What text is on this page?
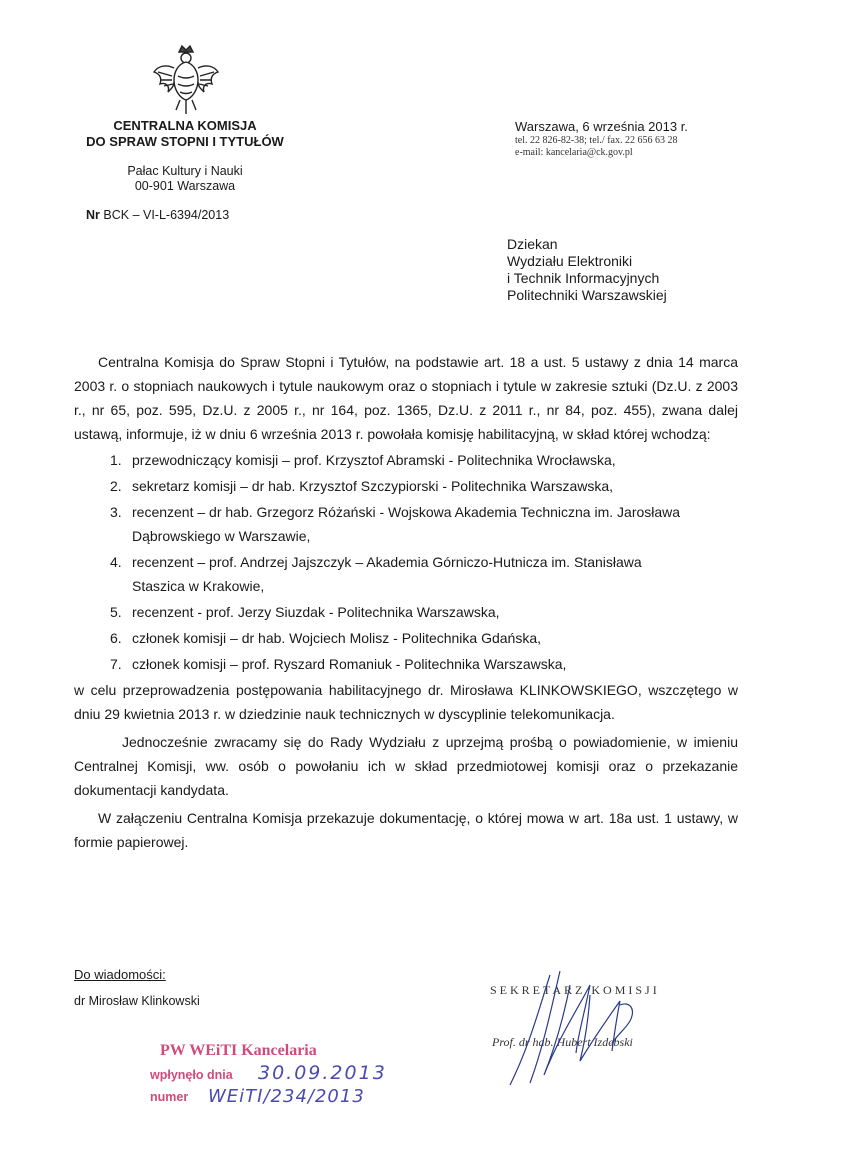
CENTRALNA KOMISJA
DO SPRAW STOPNI I TYTUŁÓW
Pałac Kultury i Nauki
00-901 Warszawa
Nr BCK – VI-L-6394/2013
Warszawa, 6 września 2013 r.
tel. 22 826-82-38; tel./ fax. 22 656 63 28
e-mail: kancelaria@ck.gov.pl
Dziekan
Wydziału Elektroniki
i Technik Informacyjnych
Politechniki Warszawskiej

Centralna Komisja do Spraw Stopni i Tytułów, na podstawie art. 18 a ust. 5 ustawy z dnia 14 marca 2003 r. o stopniach naukowych i tytule naukowym oraz o stopniach i tytule w zakresie sztuki (Dz.U. z 2003 r., nr 65, poz. 595, Dz.U. z 2005 r., nr 164, poz. 1365, Dz.U. z 2011 r., nr 84, poz. 455), zwana dalej ustawą, informuje, iż w dniu 6 września 2013 r. powołała komisję habilitacyjną, w skład której wchodzą:

1. przewodniczący komisji – prof. Krzysztof Abramski - Politechnika Wrocławska,
2. sekretarz komisji – dr hab. Krzysztof Szczypiorski - Politechnika Warszawska,
3. recenzent – dr hab. Grzegorz Różański - Wojskowa Akademia Techniczna im. Jarosława
Dąbrowskiego w Warszawie,
4. recenzent – prof. Andrzej Jajszczyk – Akademia Górniczo-Hutnicza im. Stanisława
Staszica w Krakowie,
5. recenzent - prof. Jerzy Siuzdak - Politechnika Warszawska,
6. członek komisji – dr hab. Wojciech Molisz - Politechnika Gdańska,
7. członek komisji – prof. Ryszard Romaniuk - Politechnika Warszawska,

w celu przeprowadzenia postępowania habilitacyjnego dr. Mirosława KLINKOWSKIEGO, wszczętego w dniu 29 kwietnia 2013 r. w dziedzinie nauk technicznych w dyscyplinie telekomunikacja.

Jednocześnie zwracamy się do Rady Wydziału z uprzejmą prośbą o powiadomienie, w imieniu Centralnej Komisji, ww. osób o powołaniu ich w skład przedmiotowej komisji oraz o przekazanie dokumentacji kandydata.

W załączeniu Centralna Komisja przekazuje dokumentację, o której mowa w art. 18a ust. 1 ustawy, w formie papierowej.

Do wiadomości:
dr Mirosław Klinkowski
SEKRETARZ KOMISJI
Prof. dr hab. Hubert Izdebski
PW WEiTI Kancelaria
wpłynęło dnia
numer
30.09.2013
WEiTI/234/2013
